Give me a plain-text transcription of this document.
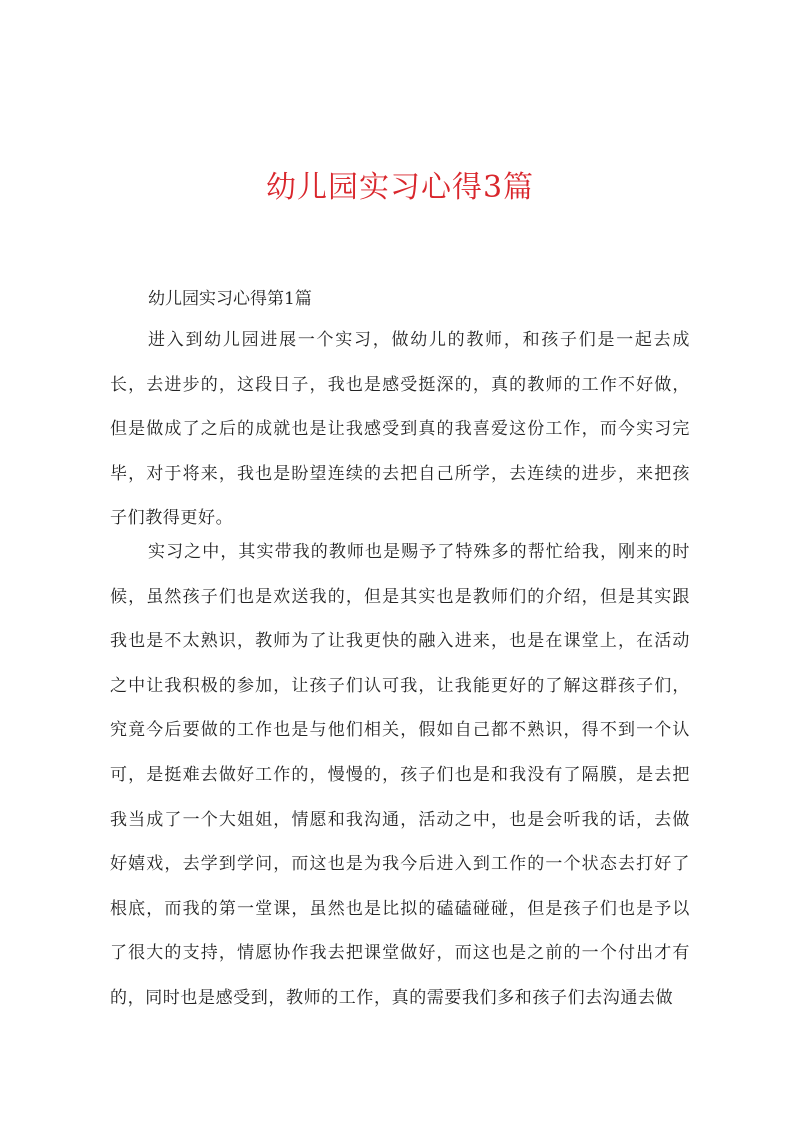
幼儿园实习心得3篇
幼儿园实习心得第1篇

进入到幼儿园进展一个实习，做幼儿的教师，和孩子们是一起去成长，去进步的，这段日子，我也是感受挺深的，真的教师的工作不好做，但是做成了之后的成就也是让我感受到真的我喜爱这份工作，而今实习完毕，对于将来，我也是盼望连续的去把自己所学，去连续的进步，来把孩子们教得更好。

实习之中，其实带我的教师也是赐予了特殊多的帮忙给我，刚来的时候，虽然孩子们也是欢送我的，但是其实也是教师们的介绍，但是其实跟我也是不太熟识，教师为了让我更快的融入进来，也是在课堂上，在活动之中让我积极的参加，让孩子们认可我，让我能更好的了解这群孩子们，究竟今后要做的工作也是与他们相关，假如自己都不熟识，得不到一个认可，是挺难去做好工作的，慢慢的，孩子们也是和我没有了隔膜，是去把我当成了一个大姐姐，情愿和我沟通，活动之中，也是会听我的话，去做好嬉戏，去学到学问，而这也是为我今后进入到工作的一个状态去打好了根底，而我的第一堂课，虽然也是比拟的磕磕碰碰，但是孩子们也是予以了很大的支持，情愿协作我去把课堂做好，而这也是之前的一个付出才有的，同时也是感受到，教师的工作，真的需要我们多和孩子们去沟通去做
